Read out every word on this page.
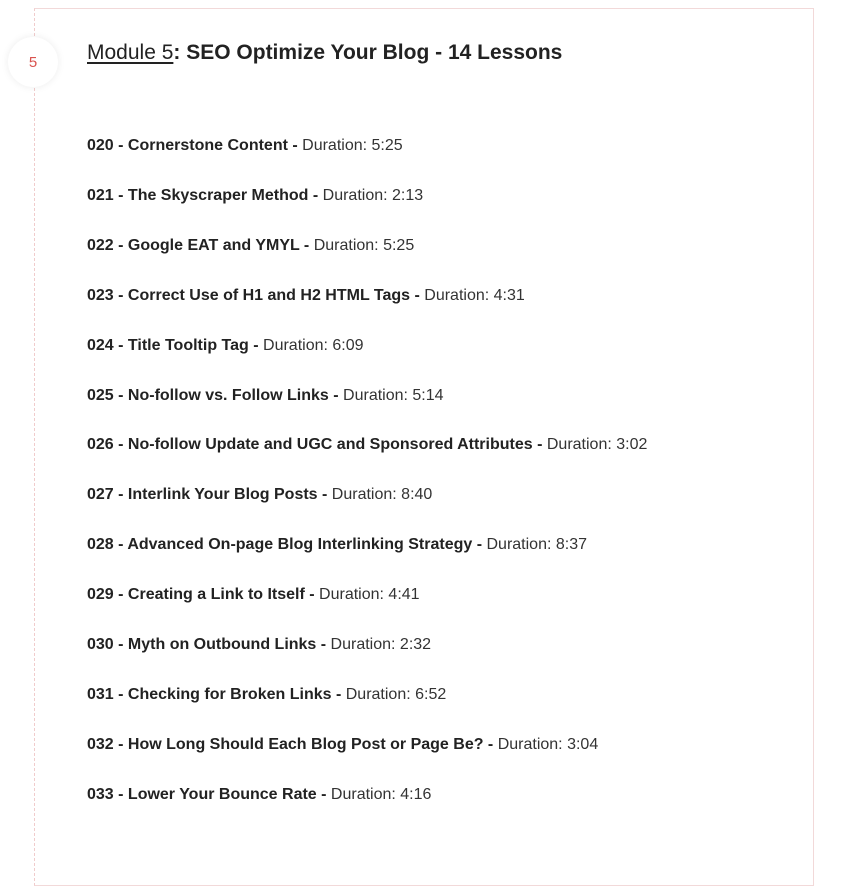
5 Module 5: SEO Optimize Your Blog - 14 Lessons
020 - Cornerstone Content - Duration: 5:25
021 - The Skyscraper Method - Duration: 2:13
022 - Google EAT and YMYL - Duration: 5:25
023 - Correct Use of H1 and H2 HTML Tags - Duration: 4:31
024 - Title Tooltip Tag - Duration: 6:09
025 - No-follow vs. Follow Links - Duration: 5:14
026 - No-follow Update and UGC and Sponsored Attributes - Duration: 3:02
027 - Interlink Your Blog Posts - Duration: 8:40
028 - Advanced On-page Blog Interlinking Strategy - Duration: 8:37
029 - Creating a Link to Itself - Duration: 4:41
030 - Myth on Outbound Links - Duration: 2:32
031 - Checking for Broken Links - Duration: 6:52
032 - How Long Should Each Blog Post or Page Be? - Duration: 3:04
033 - Lower Your Bounce Rate - Duration: 4:16
